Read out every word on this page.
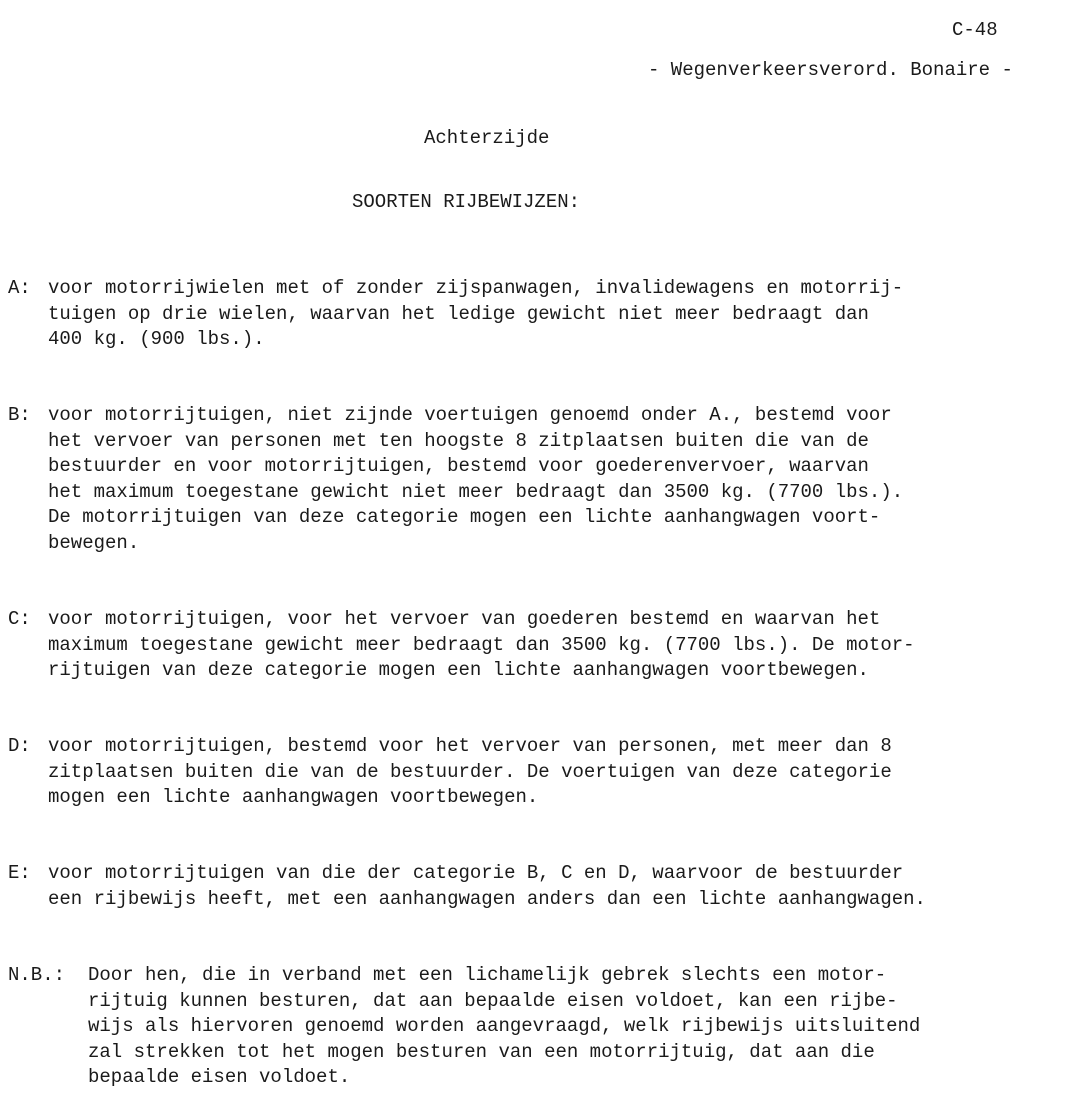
C-48
- Wegenverkeersverord. Bonaire -
Achterzijde
SOORTEN RIJBEWIJZEN:
A: voor motorrijwielen met of zonder zijspanwagen, invalidewagens en motorrij-
tuigen op drie wielen, waarvan het ledige gewicht niet meer bedraagt dan
400 kg. (900 lbs.).
B: voor motorrijtuigen, niet zijnde voertuigen genoemd onder A., bestemd voor
het vervoer van personen met ten hoogste 8 zitplaatsen buiten die van de
bestuurder en voor motorrijtuigen, bestemd voor goederenvervoer, waarvan
het maximum toegestane gewicht niet meer bedraagt dan 3500 kg. (7700 lbs.).
De motorrijtuigen van deze categorie mogen een lichte aanhangwagen voort-
bewegen.
C: voor motorrijtuigen, voor het vervoer van goederen bestemd en waarvan het
maximum toegestane gewicht meer bedraagt dan 3500 kg. (7700 lbs.). De motor-
rijtuigen van deze categorie mogen een lichte aanhangwagen voortbewegen.
D: voor motorrijtuigen, bestemd voor het vervoer van personen, met meer dan 8
zitplaatsen buiten die van de bestuurder. De voertuigen van deze categorie
mogen een lichte aanhangwagen voortbewegen.
E: voor motorrijtuigen van die der categorie B, C en D, waarvoor de bestuurder
een rijbewijs heeft, met een aanhangwagen anders dan een lichte aanhangwagen.
N.B.: Door hen, die in verband met een lichamelijk gebrek slechts een motor-
rijtuig kunnen besturen, dat aan bepaalde eisen voldoet, kan een rijbe-
wijs als hiervoren genoemd worden aangevraagd, welk rijbewijs uitsluitend
zal strekken tot het mogen besturen van een motorrijtuig, dat aan die
bepaalde eisen voldoet.
